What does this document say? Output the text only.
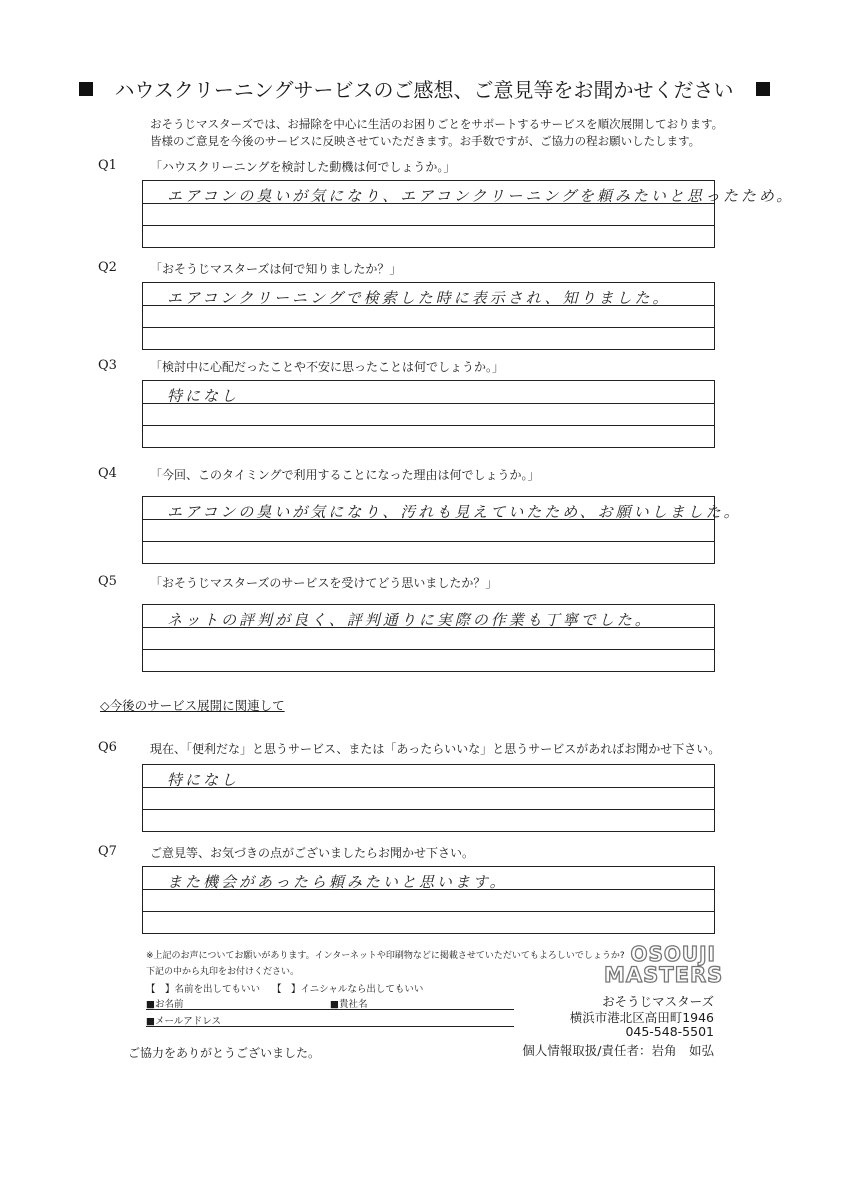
ハウスクリーニングサービスのご感想、ご意見等をお聞かせください
おそうじマスターズでは、お掃除を中心に生活のお困りごとをサポートするサービスを順次展開しております。
皆様のご意見を今後のサービスに反映させていただきます。お手数ですが、ご協力の程お願いしたします。
Q1	「ハウスクリーニングを検討した動機は何でしょうか。」
エアコンの臭いが気になり、エアコンクリーニングを頼みたいと思ったため。
Q2	「おそうじマスターズは何で知りましたか？」
エアコンクリーニングで検索した時に表示され、知りました。
Q3	「検討中に心配だったことや不安に思ったことは何でしょうか。」
特になし
Q4	「今回、このタイミングで利用することになった理由は何でしょうか。」
エアコンの臭いが気になり、汚れも見えていたため、お願いしました。
Q5	「おそうじマスターズのサービスを受けてどう思いましたか？」
ネットの評判が良く、評判通りに実際の作業も丁寧でした。
◇今後のサービス展開に関連して
Q6	現在、「便利だな」と思うサービス、または「あったらいいな」と思うサービスがあればお聞かせ下さい。
特になし
Q7	ご意見等、お気づきの点がございましたらお聞かせ下さい。
また機会があったら頼みたいと思います。
※上記のお声についてお願いがあります。インターネットや印刷物などに掲載させていただいてもよろしいでしょうか?
下記の中から丸印をお付けください。
【　】名前を出してもいい 【　】イニシャルなら出してもいい
■お名前	■貴社名
■メールアドレス
ご協力をありがとうございました。
OSOUJI
MASTERS
おそうじマスターズ
横浜市港北区高田町1946
045-548-5501
個人情報取扱/責任者：岩角　如弘
